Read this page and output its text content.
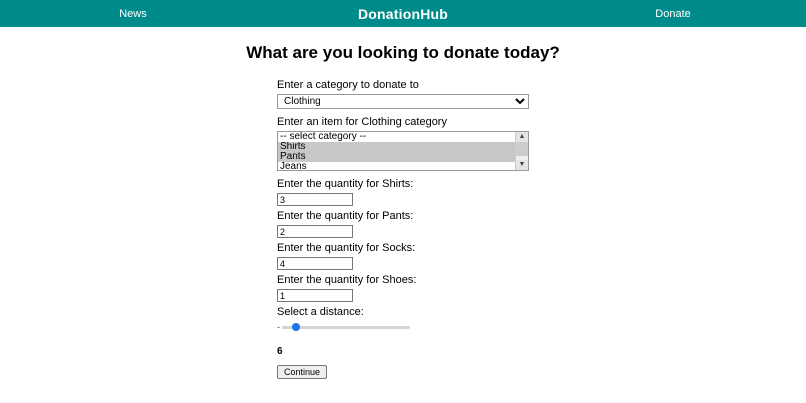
News	DonationHub	Donate
What are you looking to donate today?
Enter a category to donate to
Clothing
Enter an item for Clothing category
-- select category --
Shirts
Pants
Jeans
▲
▼
Enter the quantity for Shirts:
3
Enter the quantity for Pants:
2
Enter the quantity for Socks:
4
Enter the quantity for Shoes:
1
Select a distance:
-
6
Continue
